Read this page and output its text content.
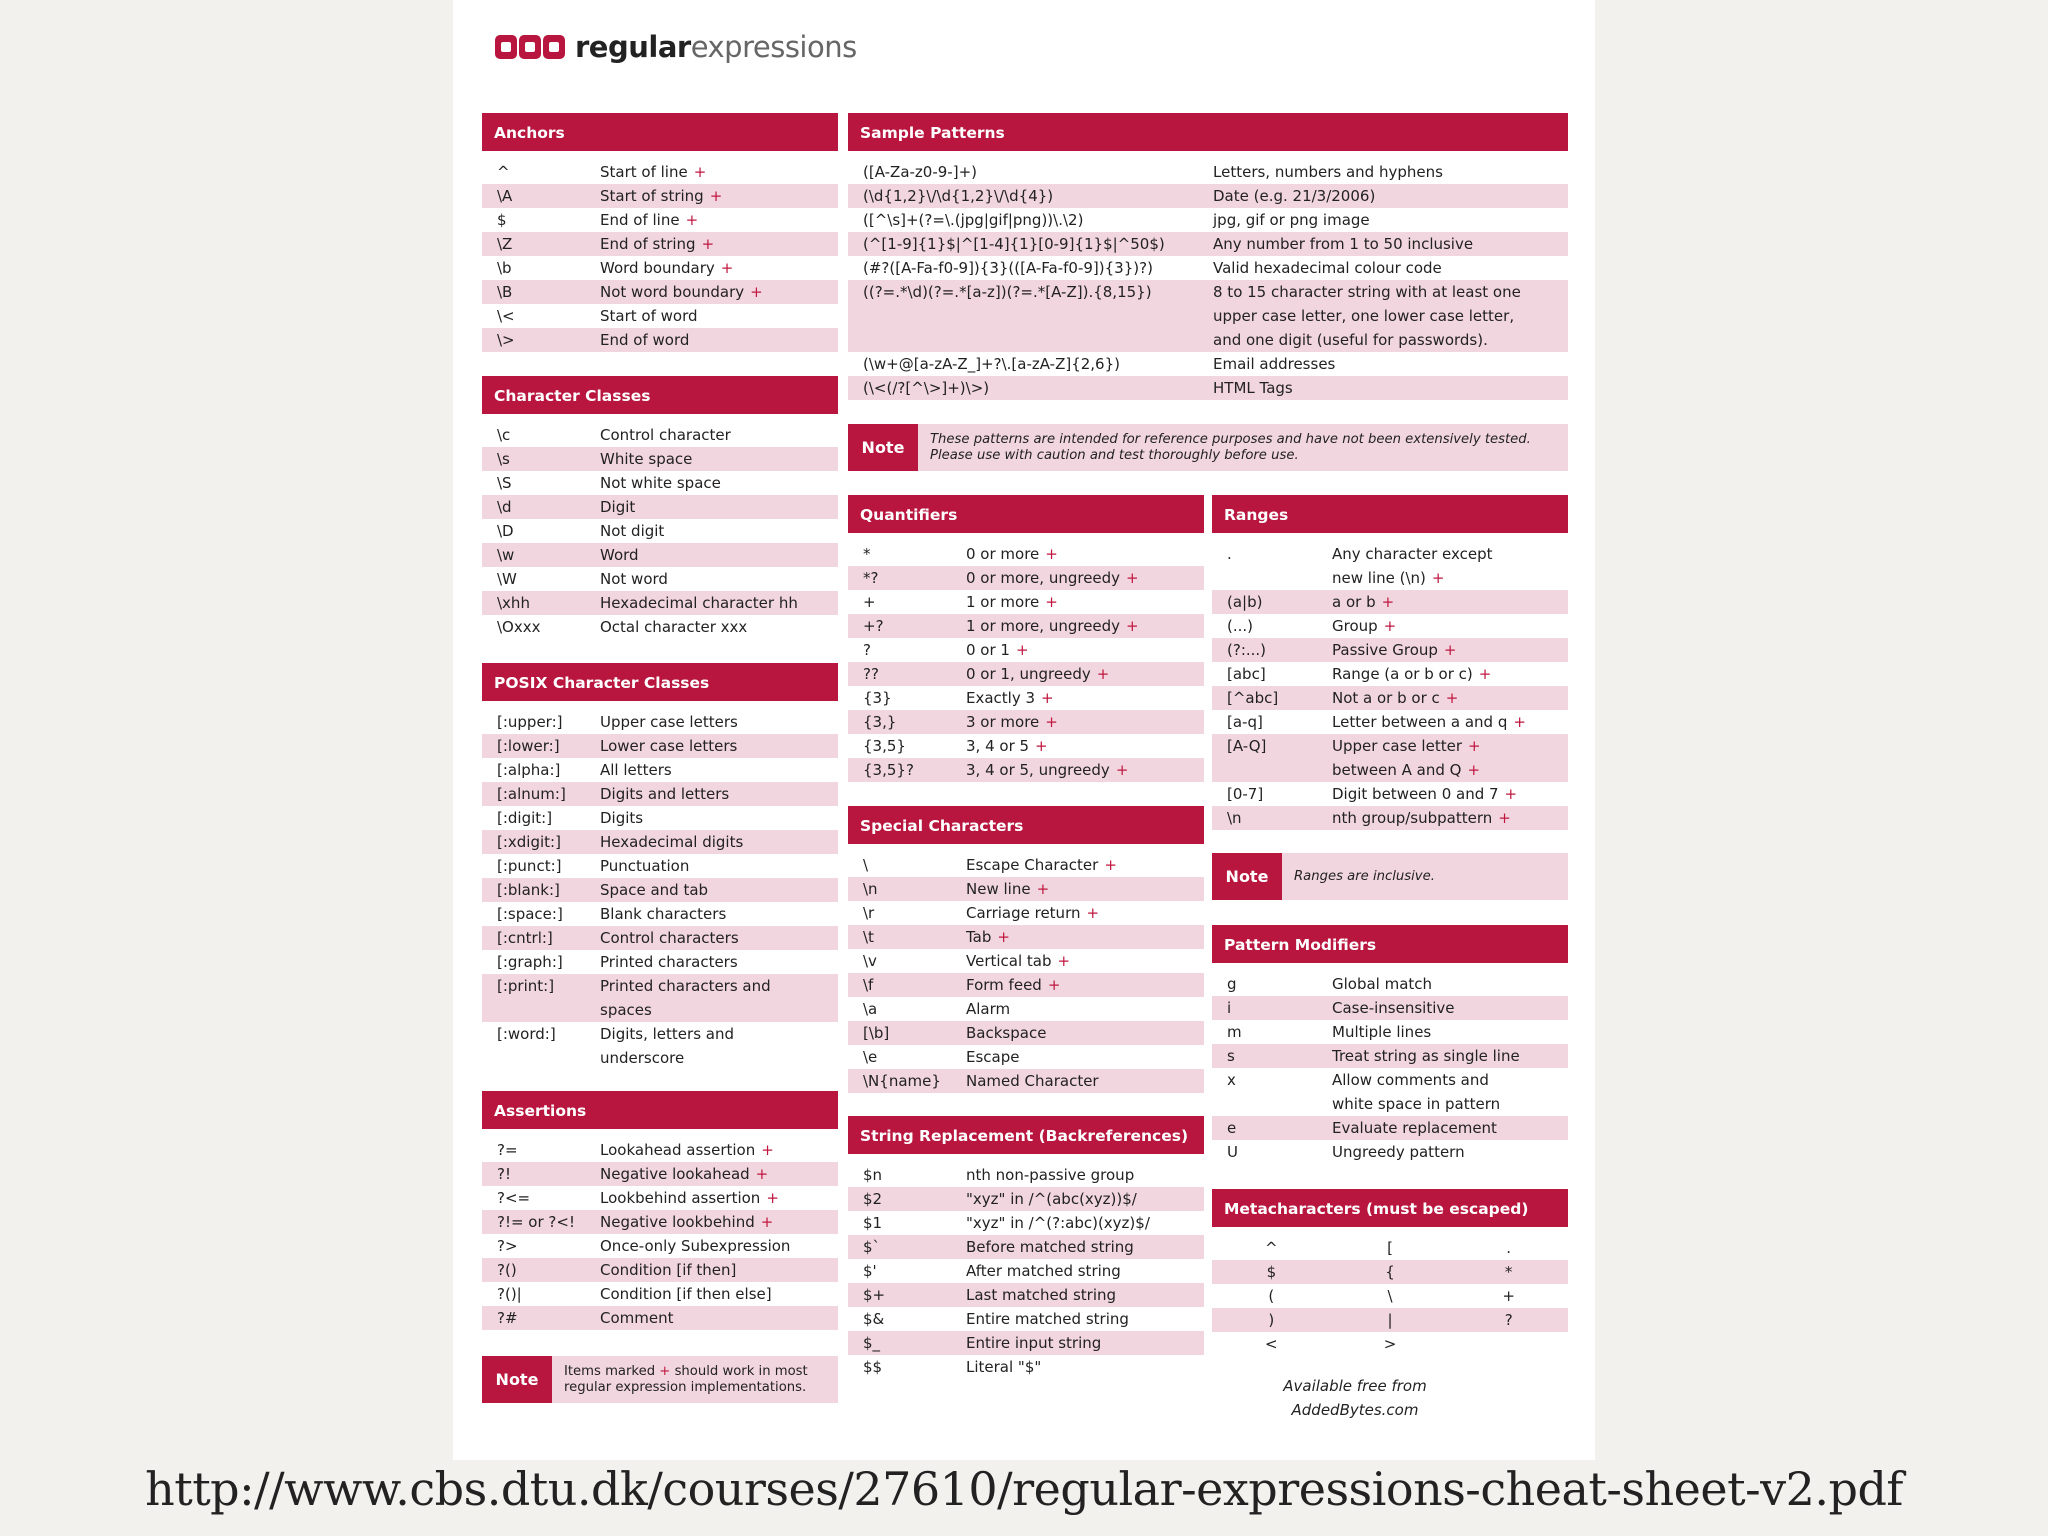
regularexpressions
Anchors
^	Start of line +
\A	Start of string +
$	End of line +
\Z	End of string +
\b	Word boundary +
\B	Not word boundary +
\<	Start of word
\>	End of word
Character Classes
\c	Control character
\s	White space
\S	Not white space
\d	Digit
\D	Not digit
\w	Word
\W	Not word
\xhh	Hexadecimal character hh
\Oxxx	Octal character xxx
POSIX Character Classes
[:upper:]	Upper case letters
[:lower:]	Lower case letters
[:alpha:]	All letters
[:alnum:]	Digits and letters
[:digit:]	Digits
[:xdigit:]	Hexadecimal digits
[:punct:]	Punctuation
[:blank:]	Space and tab
[:space:]	Blank characters
[:cntrl:]	Control characters
[:graph:]	Printed characters
[:print:]	Printed characters and
spaces
[:word:]	Digits, letters and
underscore
Assertions
?=	Lookahead assertion +
?!	Negative lookahead +
?<=	Lookbehind assertion +
?!= or ?<!	Negative lookbehind +
?>	Once-only Subexpression
?()	Condition [if then]
?()|	Condition [if then else]
?#	Comment
Note	Items marked + should work in most
regular expression implementations.
Sample Patterns
([A-Za-z0-9-]+)	Letters, numbers and hyphens
(\d{1,2}\/\d{1,2}\/\d{4})	Date (e.g. 21/3/2006)
([^\s]+(?=\.(jpg|gif|png))\.\2)	jpg, gif or png image
(^[1-9]{1}$|^[1-4]{1}[0-9]{1}$|^50$)	Any number from 1 to 50 inclusive
(#?([A-Fa-f0-9]){3}(([A-Fa-f0-9]){3})?)	Valid hexadecimal colour code
((?=.*\d)(?=.*[a-z])(?=.*[A-Z]).{8,15})	8 to 15 character string with at least one
upper case letter, one lower case letter,
and one digit (useful for passwords).
(\w+@[a-zA-Z_]+?\.[a-zA-Z]{2,6})	Email addresses
(\<(/?[^\>]+)\>)	HTML Tags
Note	These patterns are intended for reference purposes and have not been extensively tested.
Please use with caution and test thoroughly before use.
Quantifiers
*	0 or more +
*?	0 or more, ungreedy +
+	1 or more +
+?	1 or more, ungreedy +
?	0 or 1 +
??	0 or 1, ungreedy +
{3}	Exactly 3 +
{3,}	3 or more +
{3,5}	3, 4 or 5 +
{3,5}?	3, 4 or 5, ungreedy +
Special Characters
\	Escape Character +
\n	New line +
\r	Carriage return +
\t	Tab +
\v	Vertical tab +
\f	Form feed +
\a	Alarm
[\b]	Backspace
\e	Escape
\N{name}	Named Character
String Replacement (Backreferences)
$n	nth non-passive group
$2	"xyz" in /^(abc(xyz))$/
$1	"xyz" in /^(?:abc)(xyz)$/
$`	Before matched string
$'	After matched string
$+	Last matched string
$&	Entire matched string
$_	Entire input string
$$	Literal "$"
Ranges
.	Any character except
new line (\n) +
(a|b)	a or b +
(...)	Group +
(?:...)	Passive Group +
[abc]	Range (a or b or c) +
[^abc]	Not a or b or c +
[a-q]	Letter between a and q +
[A-Q]	Upper case letter +
between A and Q +
[0-7]	Digit between 0 and 7 +
\n	nth group/subpattern +
Note	Ranges are inclusive.
Pattern Modifiers
g	Global match
i	Case-insensitive
m	Multiple lines
s	Treat string as single line
x	Allow comments and
white space in pattern
e	Evaluate replacement
U	Ungreedy pattern
Metacharacters (must be escaped)
^	[	.
$	{	*
(	\	+
)	|	?
<	>
Available free from
AddedBytes.com
http://www.cbs.dtu.dk/courses/27610/regular-expressions-cheat-sheet-v2.pdf
